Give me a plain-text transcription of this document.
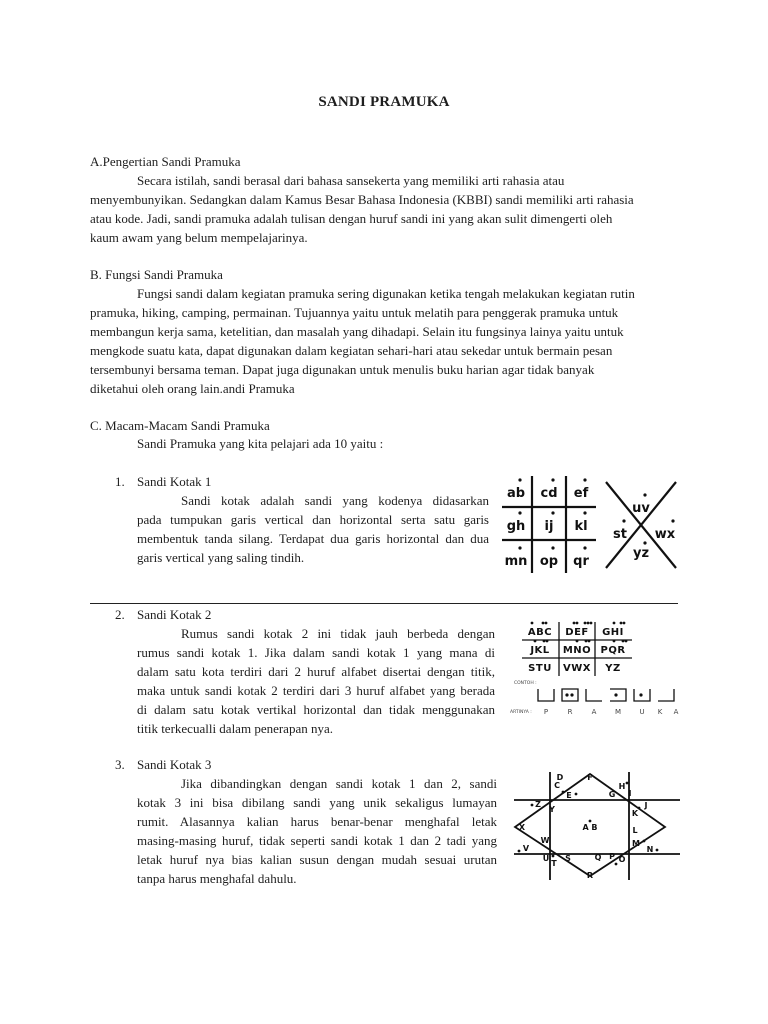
SANDI PRAMUKA
A.Pengertian Sandi Pramuka
Secara istilah, sandi berasal dari bahasa sansekerta yang memiliki arti rahasia atau
menyembunyikan. Sedangkan dalam Kamus Besar Bahasa Indonesia (KBBI) sandi memiliki arti rahasia
atau kode. Jadi, sandi pramuka adalah tulisan dengan huruf sandi ini yang akan sulit dimengerti oleh
kaum awam yang belum mempelajarinya.
B. Fungsi Sandi Pramuka
Fungsi sandi dalam kegiatan pramuka sering digunakan ketika tengah melakukan kegiatan rutin
pramuka, hiking, camping, permainan. Tujuannya yaitu untuk melatih para penggerak pramuka untuk
membangun kerja sama, ketelitian, dan masalah yang dihadapi. Selain itu fungsinya lainya yaitu untuk
mengkode suatu kata, dapat digunakan dalam kegiatan sehari-hari atau sekedar untuk bermain pesan
tersembunyi bersama teman. Dapat juga digunakan untuk menulis buku harian agar tidak banyak
diketahui oleh orang lain.andi Pramuka
C. Macam-Macam Sandi Pramuka
Sandi Pramuka yang kita pelajari ada 10 yaitu :
1. Sandi Kotak 1
Sandi kotak adalah sandi yang kodenya didasarkan
pada tumpukan garis vertical dan horizontal serta satu garis
membentuk tanda silang. Terdapat dua garis horizontal dan dua
garis vertical yang saling tindih.
ab cd ef
gh ij kl
mn op qr
uv
st wx
yz
2. Sandi Kotak 2
Rumus sandi kotak 2 ini tidak jauh berbeda dengan
rumus sandi kotak 1. Jika dalam sandi kotak 1 yang mana di
dalam satu kota terdiri dari 2 huruf alfabet disertai dengan titik,
maka untuk sandi kotak 2 terdiri dari 3 huruf alfabet yang berada
di dalam satu kotak vertikal horizontal dan tidak menggunakan
titik terkecualli dalam penerapan nya.
ABC DEF GHI
JKL MNO PQR
STU VWX YZ
CONTOH :
ARTINYA : P	R	A	M	U K A
3. Sandi Kotak 3
Jika dibandingkan dengan sandi kotak 1 dan 2, sandi
kotak 3 ini bisa dibilang sandi yang unik sekaligus lumayan
rumit. Alasannya kalian harus benar-benar menghafal letak
masing-masing huruf, tidak seperti sandi kotak 1 dan 2 tadi yang
letak huruf nya bias kalian susun dengan mudah sesuai urutan
tanpa harus menghafal dahulu.
A B
C
D
E
F
G
H
I
J
K
L
M
N
O
P
Q
R
S
T
U
V
W
X
Y
Z
